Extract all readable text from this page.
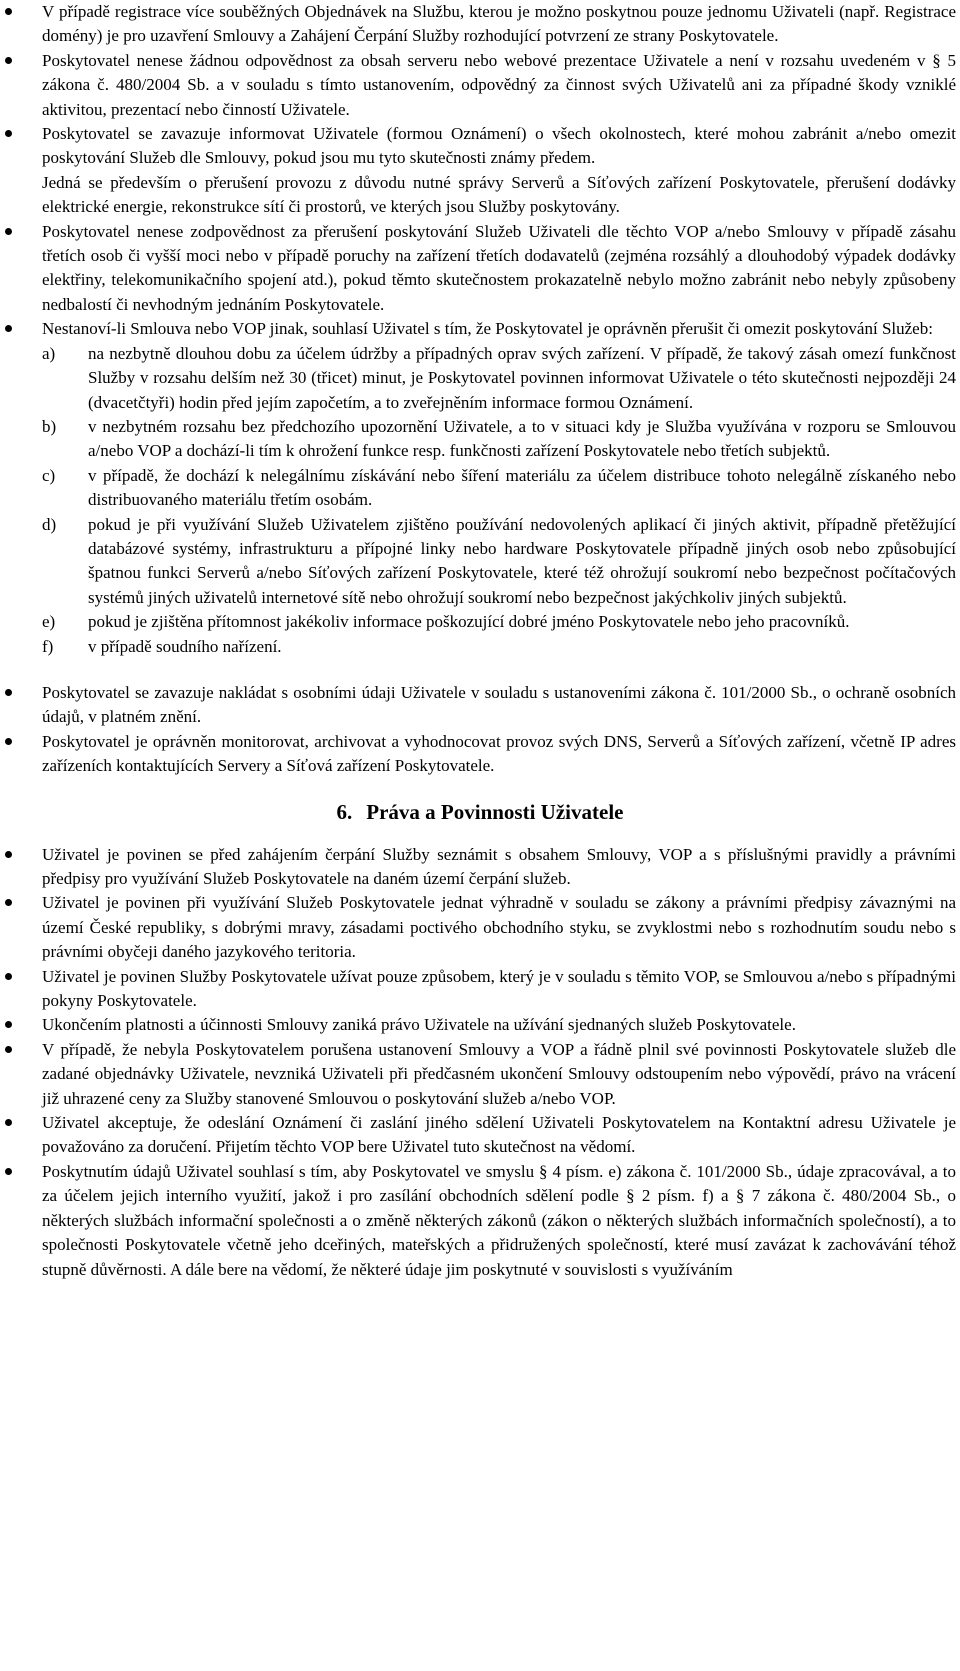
V případě registrace více souběžných Objednávek na Službu, kterou je možno poskytnou pouze jednomu Uživateli (např. Registrace domény) je pro uzavření Smlouvy a Zahájení Čerpání Služby rozhodující potvrzení ze strany Poskytovatele.

Poskytovatel nenese žádnou odpovědnost za obsah serveru nebo webové prezentace Uživatele a není v rozsahu uvedeném v § 5 zákona č. 480/2004 Sb. a v souladu s tímto ustanovením, odpovědný za činnost svých Uživatelů ani za případné škody vzniklé aktivitou, prezentací nebo činností Uživatele.

Poskytovatel se zavazuje informovat Uživatele (formou Oznámení) o všech okolnostech, které mohou zabránit a/nebo omezit poskytování Služeb dle Smlouvy, pokud jsou mu tyto skutečnosti známy předem.

Jedná se především o přerušení provozu z důvodu nutné správy Serverů a Síťových zařízení Poskytovatele, přerušení dodávky elektrické energie, rekonstrukce sítí či prostorů, ve kterých jsou Služby poskytovány.

Poskytovatel nenese zodpovědnost za přerušení poskytování Služeb Uživateli dle těchto VOP a/nebo Smlouvy v případě zásahu třetích osob či vyšší moci nebo v případě poruchy na zařízení třetích dodavatelů (zejména rozsáhlý a dlouhodobý výpadek dodávky elektřiny, telekomunikačního spojení atd.), pokud těmto skutečnostem prokazatelně nebylo možno zabránit nebo nebyly způsobeny nedbalostí či nevhodným jednáním Poskytovatele.

Nestanoví-li Smlouva nebo VOP jinak, souhlasí Uživatel s tím, že Poskytovatel je oprávněn přerušit či omezit poskytování Služeb:

a) na nezbytně dlouhou dobu za účelem údržby a případných oprav svých zařízení. V případě, že takový zásah omezí funkčnost Služby v rozsahu delším než 30 (třicet) minut, je Poskytovatel povinnen informovat Uživatele o této skutečnosti nejpozději 24 (dvacetčtyři) hodin před jejím započetím, a to zveřejněním informace formou Oznámení.
b) v nezbytném rozsahu bez předchozího upozornění Uživatele, a to v situaci kdy je Služba využívána v rozporu se Smlouvou a/nebo VOP a dochází-li tím k ohrožení funkce resp. funkčnosti zařízení Poskytovatele nebo třetích subjektů.
c) v případě, že dochází k nelegálnímu získávání nebo šíření materiálu za účelem distribuce tohoto nelegálně získaného nebo distribuovaného materiálu třetím osobám.
d) pokud je při využívání Služeb Uživatelem zjištěno používání nedovolených aplikací či jiných aktivit, případně přetěžující databázové systémy, infrastrukturu a přípojné linky nebo hardware Poskytovatele případně jiných osob nebo způsobující špatnou funkci Serverů a/nebo Síťových zařízení Poskytovatele, které též ohrožují soukromí nebo bezpečnost počítačových systémů jiných uživatelů internetové sítě nebo ohrožují soukromí nebo bezpečnost jakýchkoliv jiných subjektů.
e) pokud je zjištěna přítomnost jakékoliv informace poškozující dobré jméno Poskytovatele nebo jeho pracovníků.
f) v případě soudního nařízení.

Poskytovatel se zavazuje nakládat s osobními údaji Uživatele v souladu s ustanoveními zákona č. 101/2000 Sb., o ochraně osobních údajů, v platném znění.

Poskytovatel je oprávněn monitorovat, archivovat a vyhodnocovat provoz svých DNS, Serverů a Síťových zařízení, včetně IP adres zařízeních kontaktujících Servery a Síťová zařízení Poskytovatele.

6. Práva a Povinnosti Uživatele

Uživatel je povinen se před zahájením čerpání Služby seznámit s obsahem Smlouvy, VOP a s příslušnými pravidly a právními předpisy pro využívání Služeb Poskytovatele na daném území čerpání služeb.

Uživatel je povinen při využívání Služeb Poskytovatele jednat výhradně v souladu se zákony a právními předpisy závaznými na území České republiky, s dobrými mravy, zásadami poctivého obchodního styku, se zvyklostmi nebo s rozhodnutím soudu nebo s právními obyčeji daného jazykového teritoria.

Uživatel je povinen Služby Poskytovatele užívat pouze způsobem, který je v souladu s těmito VOP, se Smlouvou a/nebo s případnými pokyny Poskytovatele.

Ukončením platnosti a účinnosti Smlouvy zaniká právo Uživatele na užívání sjednaných služeb Poskytovatele.

V případě, že nebyla Poskytovatelem porušena ustanovení Smlouvy a VOP a řádně plnil své povinnosti Poskytovatele služeb dle zadané objednávky Uživatele, nevzniká Uživateli při předčasném ukončení Smlouvy odstoupením nebo výpovědí, právo na vrácení již uhrazené ceny za Služby stanovené Smlouvou o poskytování služeb a/nebo VOP.

Uživatel akceptuje, že odeslání Oznámení či zaslání jiného sdělení Uživateli Poskytovatelem na Kontaktní adresu Uživatele je považováno za doručení. Přijetím těchto VOP bere Uživatel tuto skutečnost na vědomí.

Poskytnutím údajů Uživatel souhlasí s tím, aby Poskytovatel ve smyslu § 4 písm. e) zákona č. 101/2000 Sb., údaje zpracovával, a to za účelem jejich interního využití, jakož i pro zasílání obchodních sdělení podle § 2 písm. f) a § 7 zákona č. 480/2004 Sb., o některých službách informační společnosti a o změně některých zákonů (zákon o některých službách informačních společností), a to společnosti Poskytovatele včetně jeho dceřiných, mateřských a přidružených společností, které musí zavázat k zachovávání téhož stupně důvěrnosti. A dále bere na vědomí, že některé údaje jim poskytnuté v souvislosti s využíváním
